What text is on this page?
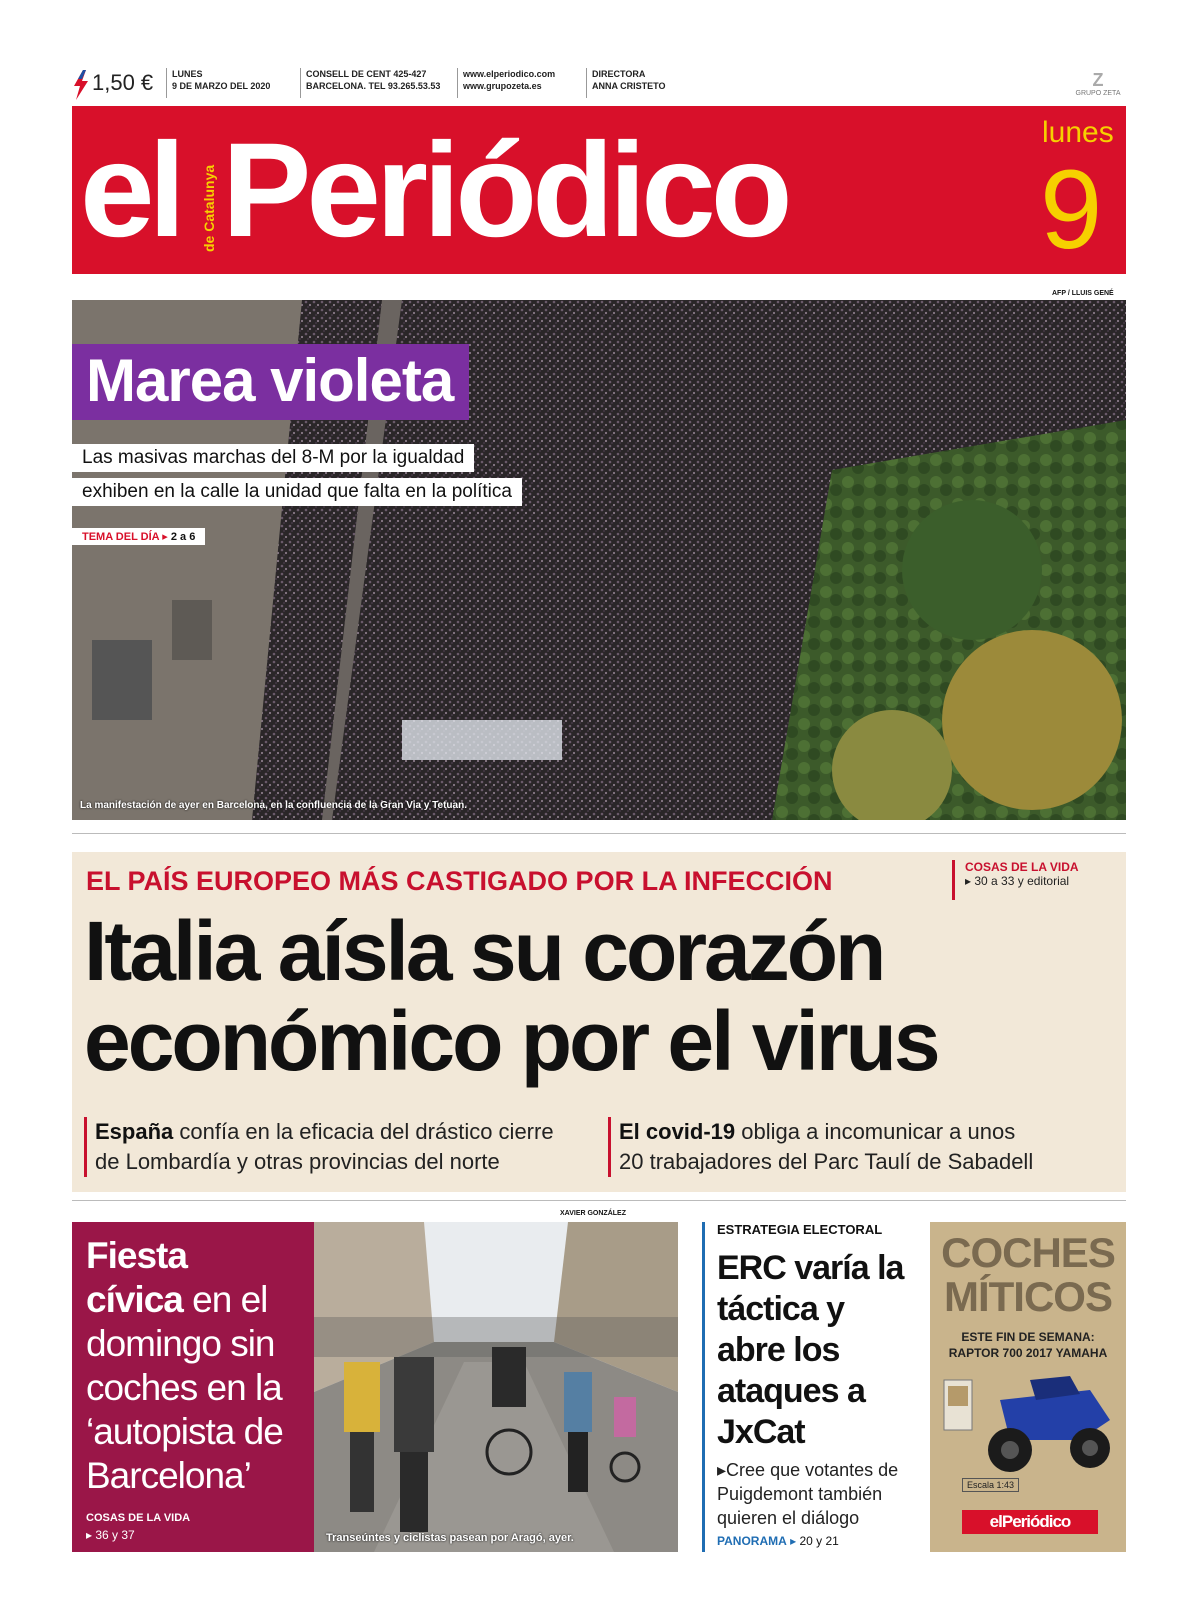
1,50 € LUNES
9 DE MARZO DEL 2020
CONSELL DE CENT 425-427
BARCELONA. TEL 93.265.53.53
www.elperiodico.com
www.grupozeta.es
DIRECTORA
ANNA CRISTETO	Z
GRUPO ZETA
el de Catalunya Periódico	lunes
9
AFP / LLUIS GENÉ
Marea violeta
Las masivas marchas del 8-M por la igualdad
exhiben en la calle la unidad que falta en la política
TEMA DEL DÍA ▸ 2 a 6
La manifestación de ayer en Barcelona, en la confluencia de la Gran Via y Tetuan.
EL PAÍS EUROPEO MÁS CASTIGADO POR LA INFECCIÓN	COSAS DE LA VIDA
▸ 30 a 33 y editorial
Italia aísla su corazón
económico por el virus
España confía en la eficacia del drástico cierre
de Lombardía y otras provincias del norte
El covid-19 obliga a incomunicar a unos
20 trabajadores del Parc Taulí de Sabadell
Fiesta
cívica en el
domingo sin
coches en la
‘autopista de
Barcelona’
COSAS DE LA VIDA
▸ 36 y 37
XAVIER GONZÁLEZ
Transeúntes y ciclistas pasean por Aragó, ayer.
ESTRATEGIA ELECTORAL
ERC varía la táctica y abre los ataques a JxCat
▸Cree que votantes de Puigdemont también quieren el diálogo
PANORAMA ▸ 20 y 21
COCHES
MÍTICOS
ESTE FIN DE SEMANA:
RAPTOR 700 2017 YAMAHA
Escala 1:43
elPeriódico
